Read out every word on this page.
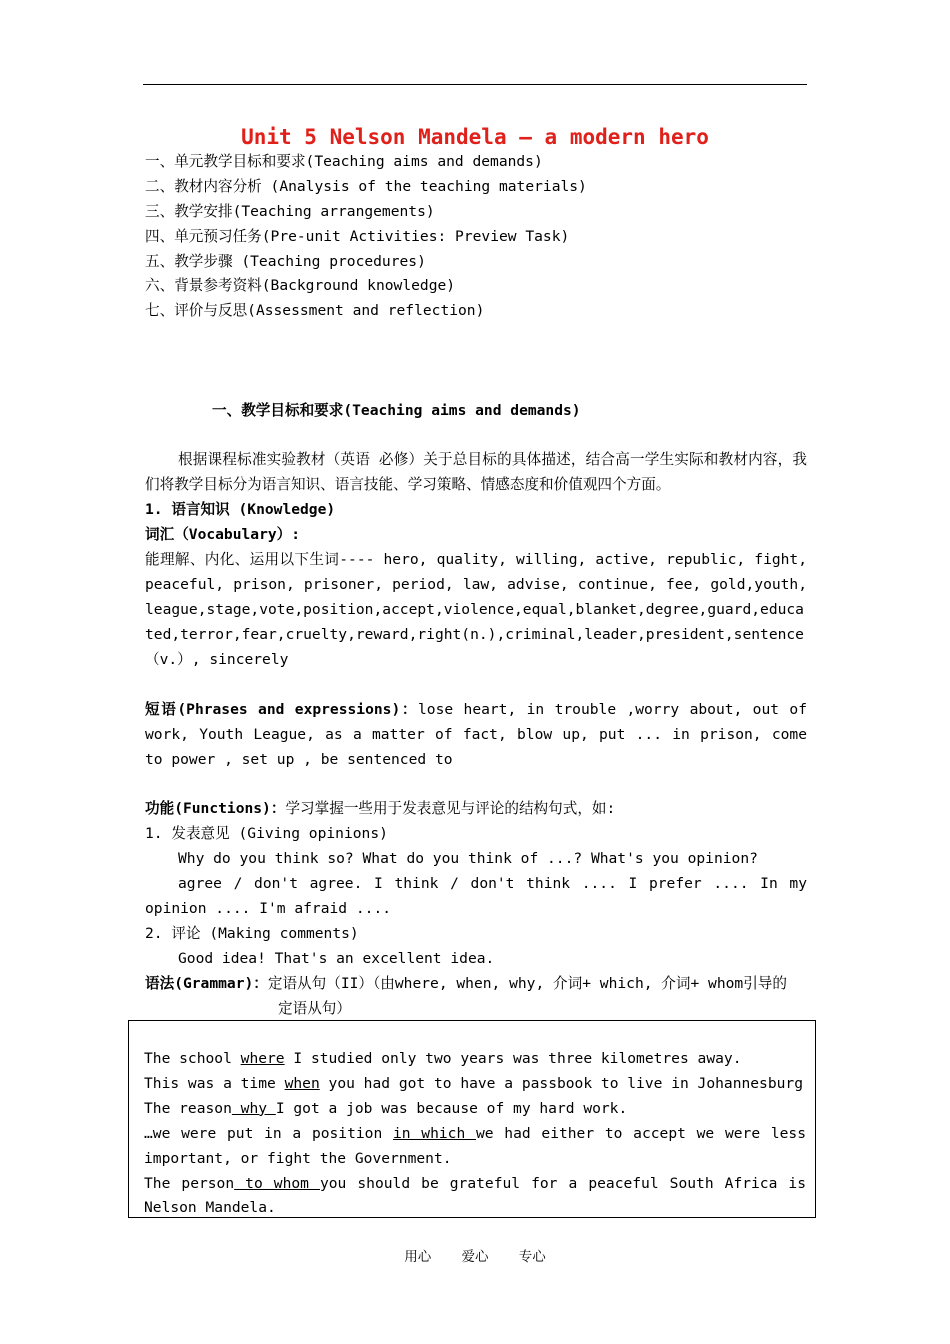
Unit 5 Nelson Mandela – a modern hero
一、单元教学目标和要求(Teaching aims and demands)
二、教材内容分析 (Analysis of the teaching materials)
三、教学安排(Teaching arrangements)
四、单元预习任务(Pre-unit Activities: Preview Task)
五、教学步骤 (Teaching procedures)
六、背景参考资料(Background knowledge)
七、评价与反思(Assessment and reflection)
一、教学目标和要求(Teaching aims and demands)
根据课程标准实验教材（英语 必修）关于总目标的具体描述，结合高一学生实际和教材内容，我们将教学目标分为语言知识、语言技能、学习策略、情感态度和价值观四个方面。
1. 语言知识 (Knowledge)
词汇（Vocabulary）:
能理解、内化、运用以下生词---- hero, quality, willing, active, republic, fight, peaceful, prison, prisoner, period, law, advise, continue, fee, gold,youth,league,stage,vote,position,accept,violence,equal,blanket,degree,guard,educated,terror,fear,cruelty,reward,right(n.),criminal,leader,president,sentence（v.）, sincerely
短语(Phrases and expressions)：lose heart, in trouble ,worry about, out of work, Youth League, as a matter of fact, blow up, put ... in prison, come to power , set up , be sentenced to
功能(Functions)：学习掌握一些用于发表意见与评论的结构句式，如:
1. 发表意见 (Giving opinions)
Why do you think so? What do you think of ...? What's you opinion?
agree / don't agree. I think / don't think .... I prefer .... In my opinion .... I'm afraid ....
2. 评论 (Making comments)
Good idea! That's an excellent idea.
语法(Grammar)：定语从句（II）（由where, when, why, 介词+ which, 介词+ whom引导的
定语从句）
The school where I studied only two years was three kilometres away.
This was a time when you had got to have a passbook to live in Johannesburg
The reason why I got a job was because of my hard work.
…we were put in a position in which we had either to accept we were less important, or fight the Government.
The person to whom you should be grateful for a peaceful South Africa is Nelson Mandela.
用心 爱心 专心
